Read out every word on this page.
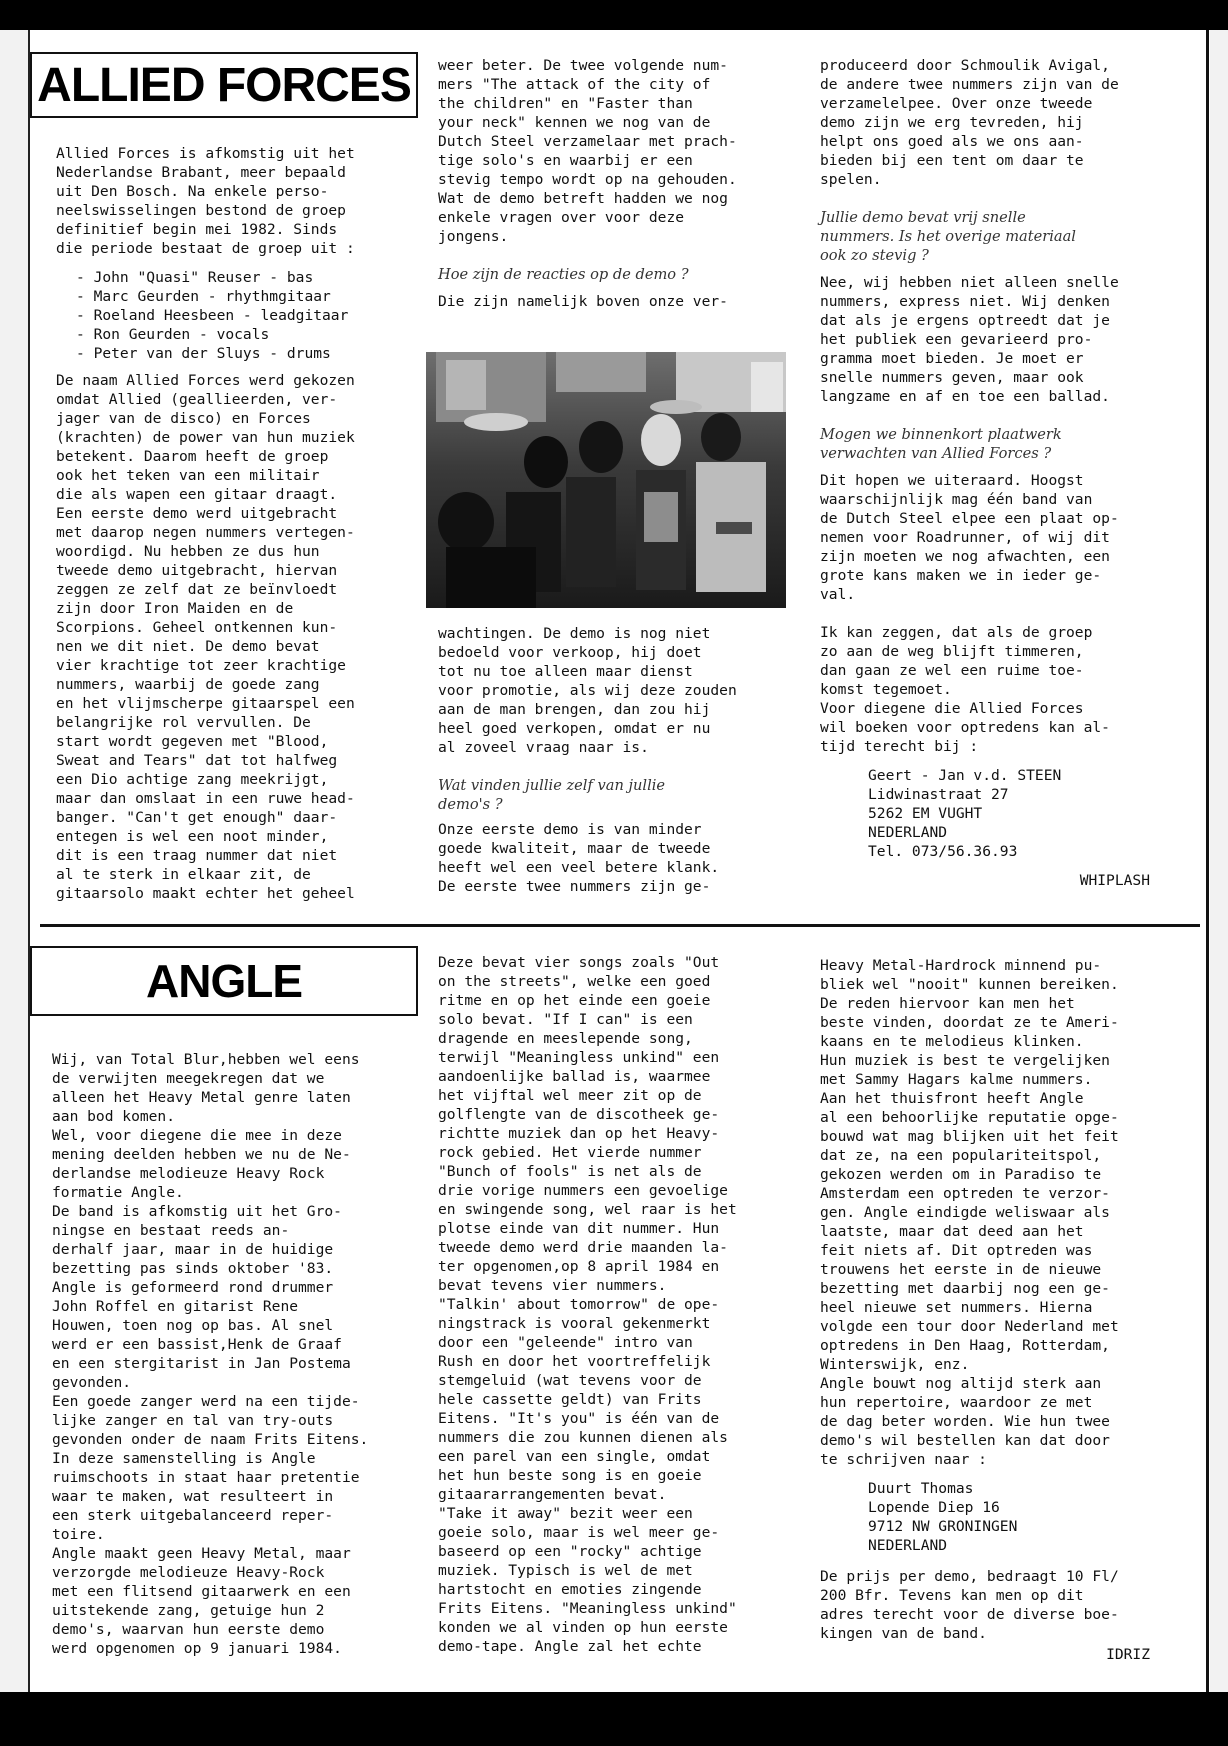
ALLIED FORCES

Allied Forces is afkomstig uit het
Nederlandse Brabant, meer bepaald
uit Den Bosch. Na enkele perso-
neelswisselingen bestond de groep
definitief begin mei 1982. Sinds
die periode bestaat de groep uit :

- John "Quasi" Reuser - bas
- Marc Geurden - rhythmgitaar
- Roeland Heesbeen - leadgitaar
- Ron Geurden - vocals
- Peter van der Sluys - drums

De naam Allied Forces werd gekozen
omdat Allied (geallieerden, ver-
jager van de disco) en Forces
(krachten) de power van hun muziek
betekent. Daarom heeft de groep
ook het teken van een militair
die als wapen een gitaar draagt.
Een eerste demo werd uitgebracht
met daarop negen nummers vertegen-
woordigd. Nu hebben ze dus hun
tweede demo uitgebracht, hiervan
zeggen ze zelf dat ze beïnvloedt
zijn door Iron Maiden en de
Scorpions. Geheel ontkennen kun-
nen we dit niet. De demo bevat
vier krachtige tot zeer krachtige
nummers, waarbij de goede zang
en het vlijmscherpe gitaarspel een
belangrijke rol vervullen. De
start wordt gegeven met "Blood,
Sweat and Tears" dat tot halfweg
een Dio achtige zang meekrijgt,
maar dan omslaat in een ruwe head-
banger. "Can't get enough" daar-
entegen is wel een noot minder,
dit is een traag nummer dat niet
al te sterk in elkaar zit, de
gitaarsolo maakt echter het geheel

weer beter. De twee volgende num-
mers "The attack of the city of
the children" en "Faster than
your neck" kennen we nog van de
Dutch Steel verzamelaar met prach-
tige solo's en waarbij er een
stevig tempo wordt op na gehouden.
Wat de demo betreft hadden we nog
enkele vragen over voor deze
jongens.

Hoe zijn de reacties op de demo ?

Die zijn namelijk boven onze ver-

wachtingen. De demo is nog niet
bedoeld voor verkoop, hij doet
tot nu toe alleen maar dienst
voor promotie, als wij deze zouden
aan de man brengen, dan zou hij
heel goed verkopen, omdat er nu
al zoveel vraag naar is.

Wat vinden jullie zelf van jullie
demo's ?

Onze eerste demo is van minder
goede kwaliteit, maar de tweede
heeft wel een veel betere klank.
De eerste twee nummers zijn ge-

produceerd door Schmoulik Avigal,
de andere twee nummers zijn van de
verzamelelpee. Over onze tweede
demo zijn we erg tevreden, hij
helpt ons goed als we ons aan-
bieden bij een tent om daar te
spelen.

Jullie demo bevat vrij snelle
nummers. Is het overige materiaal
ook zo stevig ?

Nee, wij hebben niet alleen snelle
nummers, express niet. Wij denken
dat als je ergens optreedt dat je
het publiek een gevarieerd pro-
gramma moet bieden. Je moet er
snelle nummers geven, maar ook
langzame en af en toe een ballad.

Mogen we binnenkort plaatwerk
verwachten van Allied Forces ?

Dit hopen we uiteraard. Hoogst
waarschijnlijk mag één band van
de Dutch Steel elpee een plaat op-
nemen voor Roadrunner, of wij dit
zijn moeten we nog afwachten, een
grote kans maken we in ieder ge-
val.

Ik kan zeggen, dat als de groep
zo aan de weg blijft timmeren,
dan gaan ze wel een ruime toe-
komst tegemoet.
Voor diegene die Allied Forces
wil boeken voor optredens kan al-
tijd terecht bij :

Geert - Jan v.d. STEEN
Lidwinastraat 27
5262 EM VUGHT
NEDERLAND
Tel. 073/56.36.93

WHIPLASH

ANGLE

Wij, van Total Blur,hebben wel eens
de verwijten meegekregen dat we
alleen het Heavy Metal genre laten
aan bod komen.
Wel, voor diegene die mee in deze
mening deelden hebben we nu de Ne-
derlandse melodieuze Heavy Rock
formatie Angle.
De band is afkomstig uit het Gro-
ningse en bestaat reeds an-
derhalf jaar, maar in de huidige
bezetting pas sinds oktober '83.
Angle is geformeerd rond drummer
John Roffel en gitarist Rene
Houwen, toen nog op bas. Al snel
werd er een bassist,Henk de Graaf
en een stergitarist in Jan Postema
gevonden.
Een goede zanger werd na een tijde-
lijke zanger en tal van try-outs
gevonden onder de naam Frits Eitens.
In deze samenstelling is Angle
ruimschoots in staat haar pretentie
waar te maken, wat resulteert in
een sterk uitgebalanceerd reper-
toire.
Angle maakt geen Heavy Metal, maar
verzorgde melodieuze Heavy-Rock
met een flitsend gitaarwerk en een
uitstekende zang, getuige hun 2
demo's, waarvan hun eerste demo
werd opgenomen op 9 januari 1984.

Deze bevat vier songs zoals "Out
on the streets", welke een goed
ritme en op het einde een goeie
solo bevat. "If I can" is een
dragende en meeslepende song,
terwijl "Meaningless unkind" een
aandoenlijke ballad is, waarmee
het vijftal wel meer zit op de
golflengte van de discotheek ge-
richtte muziek dan op het Heavy-
rock gebied. Het vierde nummer
"Bunch of fools" is net als de
drie vorige nummers een gevoelige
en swingende song, wel raar is het
plotse einde van dit nummer. Hun
tweede demo werd drie maanden la-
ter opgenomen,op 8 april 1984 en
bevat tevens vier nummers.
"Talkin' about tomorrow" de ope-
ningstrack is vooral gekenmerkt
door een "geleende" intro van
Rush en door het voortreffelijk
stemgeluid (wat tevens voor de
hele cassette geldt) van Frits
Eitens. "It's you" is één van de
nummers die zou kunnen dienen als
een parel van een single, omdat
het hun beste song is en goeie
gitaararrangementen bevat.
"Take it away" bezit weer een
goeie solo, maar is wel meer ge-
baseerd op een "rocky" achtige
muziek. Typisch is wel de met
hartstocht en emoties zingende
Frits Eitens. "Meaningless unkind"
konden we al vinden op hun eerste
demo-tape. Angle zal het echte

Heavy Metal-Hardrock minnend pu-
bliek wel "nooit" kunnen bereiken.
De reden hiervoor kan men het
beste vinden, doordat ze te Ameri-
kaans en te melodieus klinken.
Hun muziek is best te vergelijken
met Sammy Hagars kalme nummers.
Aan het thuisfront heeft Angle
al een behoorlijke reputatie opge-
bouwd wat mag blijken uit het feit
dat ze, na een populariteitspol,
gekozen werden om in Paradiso te
Amsterdam een optreden te verzor-
gen. Angle eindigde weliswaar als
laatste, maar dat deed aan het
feit niets af. Dit optreden was
trouwens het eerste in de nieuwe
bezetting met daarbij nog een ge-
heel nieuwe set nummers. Hierna
volgde een tour door Nederland met
optredens in Den Haag, Rotterdam,
Winterswijk, enz.
Angle bouwt nog altijd sterk aan
hun repertoire, waardoor ze met
de dag beter worden. Wie hun twee
demo's wil bestellen kan dat door
te schrijven naar :

Duurt Thomas
Lopende Diep 16
9712 NW GRONINGEN
NEDERLAND

De prijs per demo, bedraagt 10 Fl/
200 Bfr. Tevens kan men op dit
adres terecht voor de diverse boe-
kingen van de band.

IDRIZ
